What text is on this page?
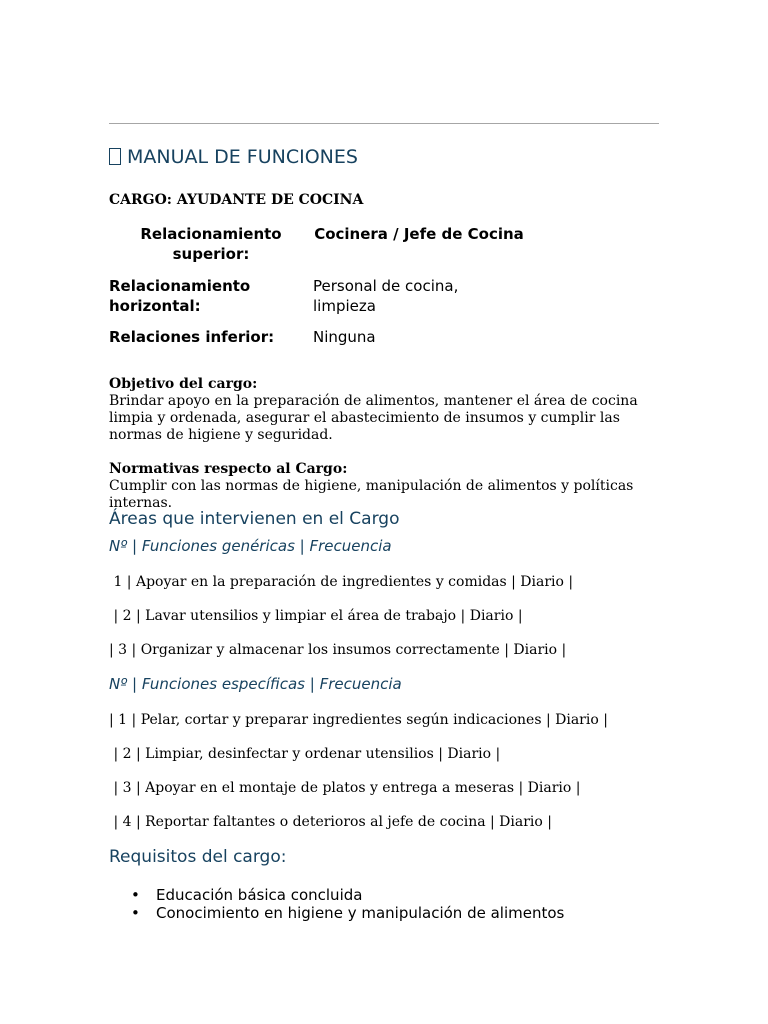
MANUAL DE FUNCIONES
CARGO: AYUDANTE DE COCINA
Relacionamiento superior:
Cocinera / Jefe de Cocina
Relacionamiento horizontal:
Personal de cocina, limpieza
Relaciones inferior:	Ninguna
Objetivo del cargo:
Brindar apoyo en la preparación de alimentos, mantener el área de cocina limpia y ordenada, asegurar el abastecimiento de insumos y cumplir las normas de higiene y seguridad.
Normativas respecto al Cargo:
Cumplir con las normas de higiene, manipulación de alimentos y políticas internas.
Áreas que intervienen en el Cargo
Nº | Funciones genéricas | Frecuencia
1 | Apoyar en la preparación de ingredientes y comidas | Diario |
| 2 | Lavar utensilios y limpiar el área de trabajo | Diario |
| 3 | Organizar y almacenar los insumos correctamente | Diario |
Nº | Funciones específicas | Frecuencia
| 1 | Pelar, cortar y preparar ingredientes según indicaciones | Diario |
| 2 | Limpiar, desinfectar y ordenar utensilios | Diario |
| 3 | Apoyar en el montaje de platos y entrega a meseras | Diario |
| 4 | Reportar faltantes o deterioros al jefe de cocina | Diario |
Requisitos del cargo:
•	Educación básica concluida
•	Conocimiento en higiene y manipulación de alimentos
